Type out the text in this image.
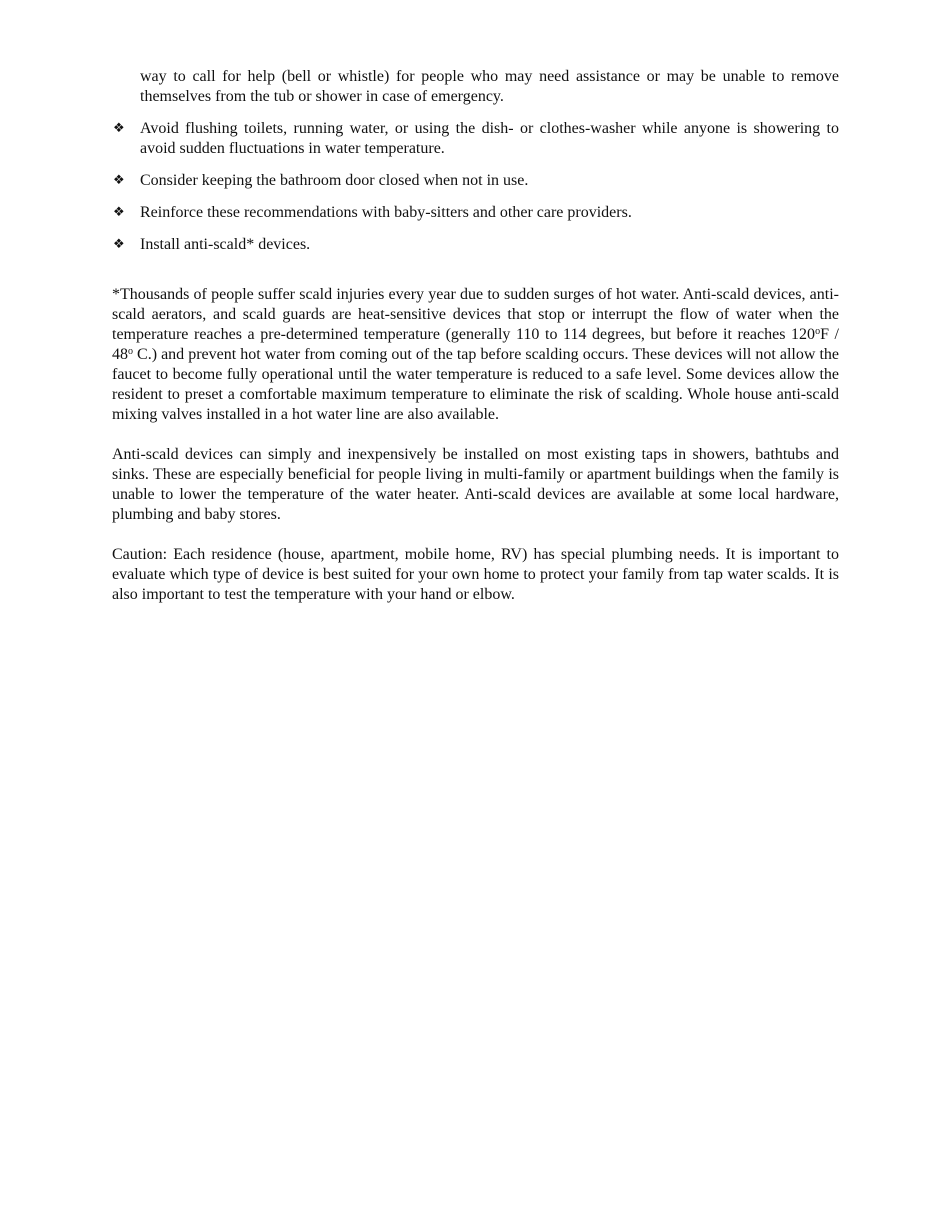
way to call for help (bell or whistle) for people who may need assistance or may be unable to remove themselves from the tub or shower in case of emergency.

❖ Avoid flushing toilets, running water, or using the dish- or clothes-washer while anyone is showering to avoid sudden fluctuations in water temperature.
❖ Consider keeping the bathroom door closed when not in use.
❖ Reinforce these recommendations with baby-sitters and other care providers.
❖ Install anti-scald* devices.

*Thousands of people suffer scald injuries every year due to sudden surges of hot water. Anti-scald devices, anti-scald aerators, and scald guards are heat-sensitive devices that stop or interrupt the flow of water when the temperature reaches a pre-determined temperature (generally 110 to 114 degrees, but before it reaches 120$^o$F / 48$^o$ C.) and prevent hot water from coming out of the tap before scalding occurs. These devices will not allow the faucet to become fully operational until the water temperature is reduced to a safe level. Some devices allow the resident to preset a comfortable maximum temperature to eliminate the risk of scalding. Whole house anti-scald mixing valves installed in a hot water line are also available.

Anti-scald devices can simply and inexpensively be installed on most existing taps in showers, bathtubs and sinks. These are especially beneficial for people living in multi-family or apartment buildings when the family is unable to lower the temperature of the water heater. Anti-scald devices are available at some local hardware, plumbing and baby stores.

Caution: Each residence (house, apartment, mobile home, RV) has special plumbing needs. It is important to evaluate which type of device is best suited for your own home to protect your family from tap water scalds. It is also important to test the temperature with your hand or elbow.
